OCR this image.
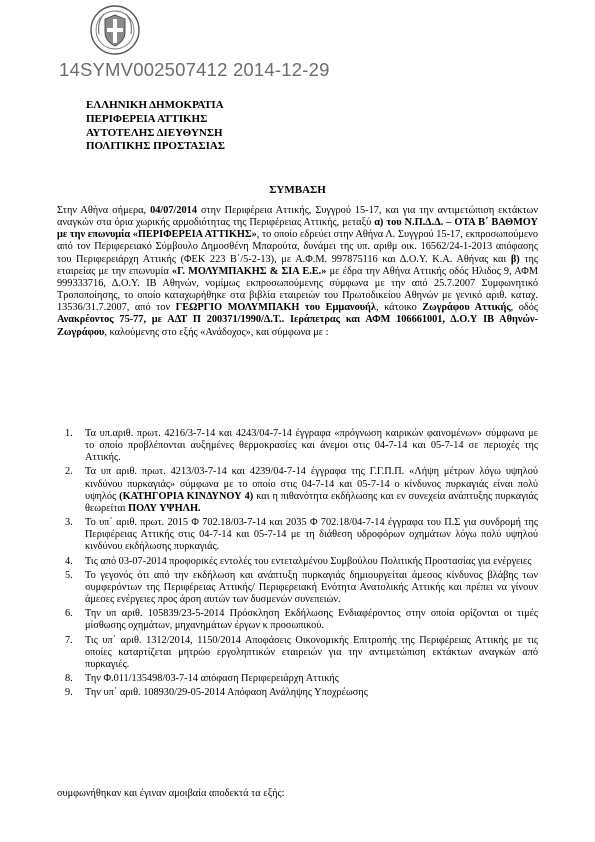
14SYMV002507412 2014-12-29
ΕΛΛΗΝΙΚΗ ΔΗΜΟΚΡΑΤΙΑ
ΠΕΡΙΦΕΡΕΙΑ ΑΤΤΙΚΗΣ
ΑΥΤΟΤΕΛΗΣ ΔΙΕΥΘΥΝΣΗ
ΠΟΛΙΤΙΚΗΣ ΠΡΟΣΤΑΣΙΑΣ
ΣΥΜΒΑΣΗ
Στην Αθήνα σήμερα, 04/07/2014 στην Περιφέρεια Αττικής, Συγγρού 15-17, και για την αντιμετώπιση εκτάκτων αναγκών στα όρια χωρικής αρμοδιότητας της Περιφέρειας Αττικής, μεταξύ α) του Ν.Π.Δ.Δ. – ΟΤΑ Β΄ ΒΑΘΜΟΥ με την επωνυμία «ΠΕΡΙΦΕΡΕΙΑ ΑΤΤΙΚΗΣ», το οποίο εδρεύει στην Αθήνα Λ. Συγγρού 15-17, εκπροσωπούμενο από τον Περιφερειακό Σύμβουλο Δημοσθένη Μπαρούτα, δυνάμει της υπ. αριθμ οικ. 16562/24-1-2013 απόφασης του Περιφερειάρχη Αττικής (ΦΕΚ 223 Β΄/5-2-13), με Α.Φ.Μ. 997875116 και Δ.Ο.Υ. Κ.Α. Αθήνας και β) της εταιρείας με την επωνυμία «Γ. ΜΟΛΥΜΠΑΚΗΣ & ΣΙΑ Ε.Ε.» με έδρα την Αθήνα Αττικής οδός Ηλιδος 9, ΑΦΜ 999333716, Δ.Ο.Υ. ΙΒ Αθηνών, νομίμως εκπροσωπούμενης σύμφωνα με την από 25.7.2007 Συμφωνητικό Τροποποίησης, το οποίο καταχωρήθηκε στα βιβλία εταιρειών του Πρωτοδικείου Αθηνών με γενικό αριθ. καταχ. 13536/31.7.2007, από τον ΓΕΩΡΓΙΟ ΜΟΛΥΜΠΑΚΗ του Εμμανουήλ, κάτοικο Ζωγράφου Αττικής, οδός Ανακρέοντος 75-77, με ΑΔΤ Π 200371/1990/Δ.Τ.. Ιεράπετρας και ΑΦΜ 106661001, Δ.Ο.Υ ΙΒ Αθηνών- Ζωγράφου, καλούμενης στο εξής «Ανάδοχος», και σύμφωνα με :
1. Τα υπ.αριθ. πρωτ. 4216/3-7-14 και 4243/04-7-14 έγγραφα «πρόγνωση καιρικών φαινομένων» σύμφωνα με το οποίο προβλέπονται αυξημένες θερμοκρασίες και άνεμοι στις 04-7-14 και 05-7-14 σε περιοχές της Αττικής.
2. Τα υπ αριθ. πρωτ. 4213/03-7-14 και 4239/04-7-14 έγγραφα της Γ.Γ.Π.Π. «Λήψη μέτρων λόγω υψηλού κινδύνου πυρκαγιάς» σύμφωνα με το οποίο στις 04-7-14 και 05-7-14 ο κίνδυνος πυρκαγιάς είναι πολύ υψηλός (ΚΑΤΗΓΟΡΙΑ ΚΙΝΔΥΝΟΥ 4) και η πιθανότητα εκδήλωσης και εν συνεχεία ανάπτυξης πυρκαγιάς θεωρείται ΠΟΛΥ ΥΨΗΛΗ.
3. Το υπ΄ αριθ. πρωτ. 2015 Φ 702.18/03-7-14 και 2035 Φ 702.18/04-7-14 έγγραφα του Π.Σ για συνδρομή της Περιφέρειας Αττικής στις 04-7-14 και 05-7-14 με τη διάθεση υδροφόρων οχημάτων λόγω πολύ υψηλού κινδύνου εκδήλωσης πυρκαγιάς.
4. Τις από 03-07-2014 προφορικές εντολές του εντεταλμένου Συμβούλου Πολιτικής Προστασίας για ενέργειες
5. Το γεγονός ότι από την εκδήλωση και ανάπτυξη πυρκαγιάς δημιουργείται άμεσος κίνδυνος βλάβης των συμφερόντων της Περιφέρειας Αττικής/ Περιφερειακή Ενότητα Ανατολικής Αττικής και πρέπει να γίνουν άμεσες ενέργειες προς άρση αυτών των δυσμενών συνεπειών.
6. Την υπ αριθ. 105839/23-5-2014 Πρόσκληση Εκδήλωσης Ενδιαφέροντος στην οποία ορίζονται οι τιμές μίσθωσης οχημάτων, μηχανημάτων έργων κ προσωπικού.
7. Τις υπ΄ αριθ. 1312/2014, 1150/2014 Αποφάσεις Οικονομικής Επιτροπής της Περιφέρειας Αττικής με τις οποίες καταρτίζεται μητρώο εργοληπτικών εταιρειών για την αντιμετώπιση εκτάκτων αναγκών από πυρκαγιές.
8. Την Φ.011/135498/03-7-14 απόφαση Περιφερειάρχη Αττικής
9. Την υπ΄ αριθ. 108930/29-05-2014 Απόφαση Ανάληψης Υποχρέωσης
συμφωνήθηκαν και έγιναν αμοιβαία αποδεκτά τα εξής:
